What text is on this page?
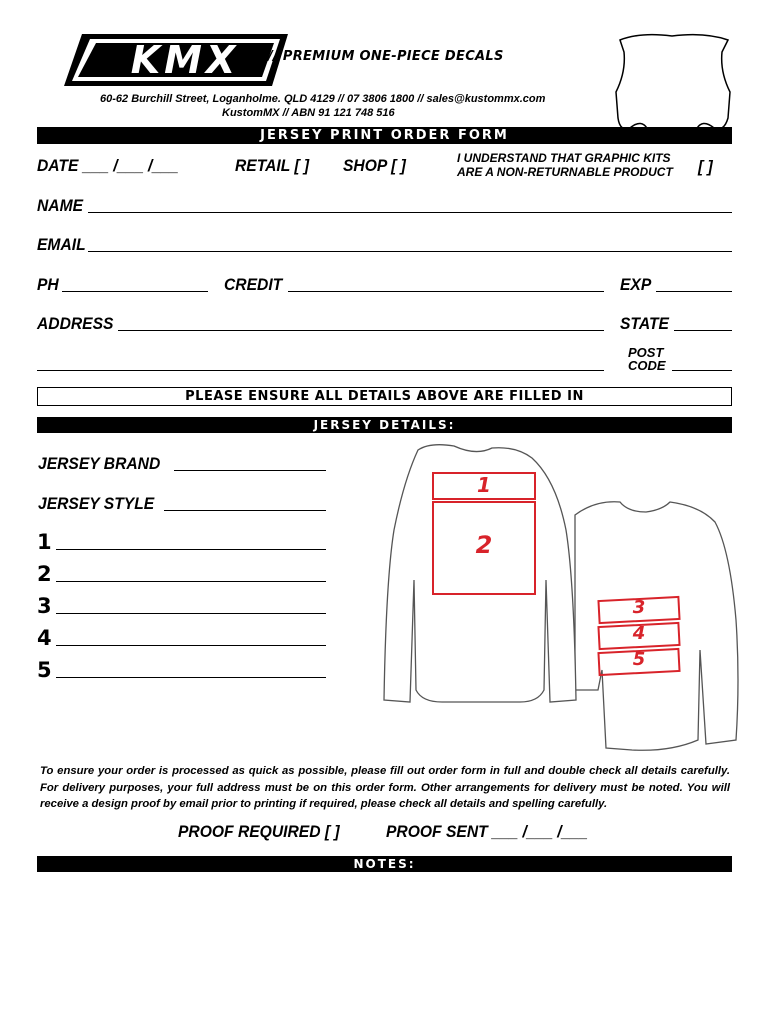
KMX	// PREMIUM ONE-PIECE DECALS
60-62 Burchill Street, Loganholme. QLD 4129 // 07 3806 1800 // sales@kustommx.com
KustomMX // ABN 91 121 748 516
JERSEY PRINT ORDER FORM
DATE ___ /___ /___	RETAIL [ ] SHOP [ ]	I UNDERSTAND THAT GRAPHIC KITS
ARE A NON-RETURNABLE PRODUCT [ ]
NAME
EMAIL
PH	CREDIT	EXP
ADDRESS	STATE
POST
CODE
PLEASE ENSURE ALL DETAILS ABOVE ARE FILLED IN
JERSEY DETAILS:
JERSEY BRAND
JERSEY STYLE
1
2
3
4
5
1
2
3
4
5
To ensure your order is processed as quick as possible, please fill out order form in full and double check all details carefully. For delivery purposes, your full address must be on this order form. Other arrangements for delivery must be noted. You will receive a design proof by email prior to printing if required, please check all details and spelling carefully.
PROOF REQUIRED [ ]	PROOF SENT ___ /___ /___
NOTES:
